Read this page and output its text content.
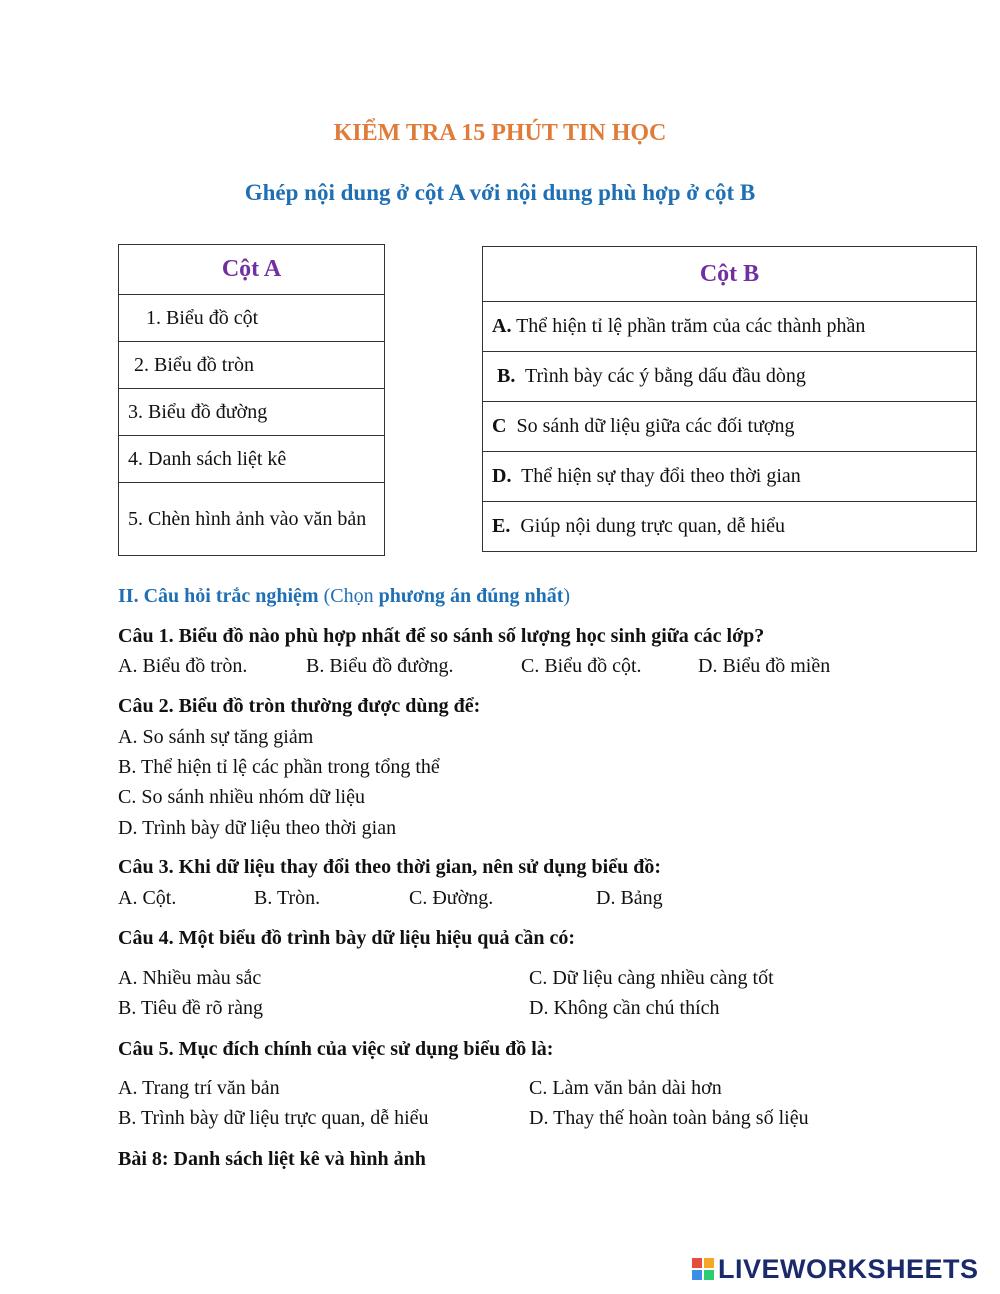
KIỂM TRA 15 PHÚT TIN HỌC
Ghép nội dung ở cột A với nội dung phù hợp ở cột B
Cột A
1. Biểu đồ cột
2. Biểu đồ tròn
3. Biểu đồ đường
4. Danh sách liệt kê
5. Chèn hình ảnh vào văn bản
Cột B
A. Thể hiện tỉ lệ phần trăm của các thành phần
B. Trình bày các ý bằng dấu đầu dòng
C So sánh dữ liệu giữa các đối tượng
D. Thể hiện sự thay đổi theo thời gian
E. Giúp nội dung trực quan, dễ hiểu
II. Câu hỏi trắc nghiệm (Chọn phương án đúng nhất)
Câu 1. Biểu đồ nào phù hợp nhất để so sánh số lượng học sinh giữa các lớp?
A. Biểu đồ tròn.	B. Biểu đồ đường.	C. Biểu đồ cột.	D. Biểu đồ miền
Câu 2. Biểu đồ tròn thường được dùng để:
A. So sánh sự tăng giảm
B. Thể hiện tỉ lệ các phần trong tổng thể
C. So sánh nhiều nhóm dữ liệu
D. Trình bày dữ liệu theo thời gian
Câu 3. Khi dữ liệu thay đổi theo thời gian, nên sử dụng biểu đồ:
A. Cột.	B. Tròn.	C. Đường.	D. Bảng
Câu 4. Một biểu đồ trình bày dữ liệu hiệu quả cần có:
A. Nhiều màu sắc	C. Dữ liệu càng nhiều càng tốt
B. Tiêu đề rõ ràng	D. Không cần chú thích
Câu 5. Mục đích chính của việc sử dụng biểu đồ là:
A. Trang trí văn bản	C. Làm văn bản dài hơn
B. Trình bày dữ liệu trực quan, dễ hiểu	D. Thay thế hoàn toàn bảng số liệu
Bài 8: Danh sách liệt kê và hình ảnh
LIVEWORKSHEETS
